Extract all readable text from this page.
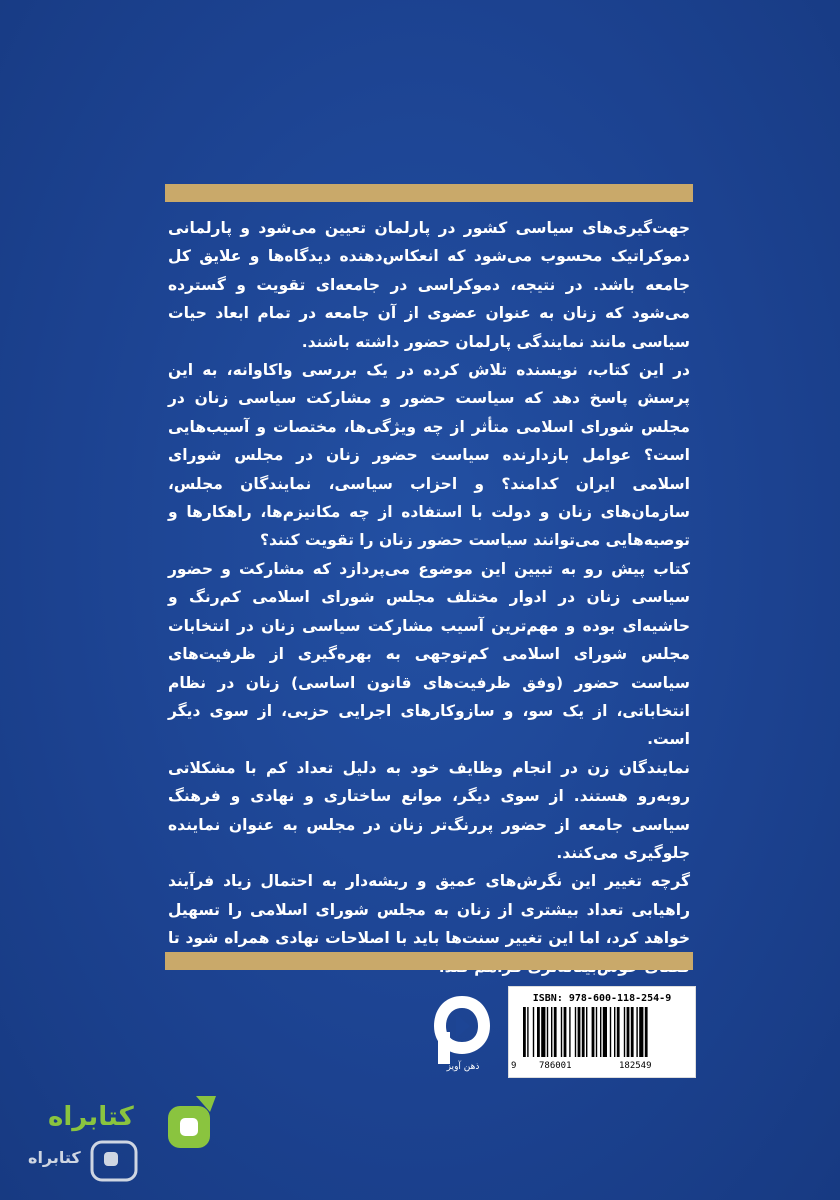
جهت‌گیری‌های سیاسی کشور در پارلمان تعیین می‌شود و پارلمانی دموکراتیک محسوب می‌شود که انعکاس‌دهنده دیدگاه‌ها و علایق کل جامعه باشد. در نتیجه، دموکراسی در جامعه‌ای تقویت و گسترده می‌شود که زنان به عنوان عضوی از آن جامعه در تمام ابعاد حیات سیاسی مانند نمایندگی پارلمان حضور داشته باشند.

در این کتاب، نویسنده تلاش کرده در یک بررسی واکاوانه، به این پرسش پاسخ دهد که سیاست حضور و مشارکت سیاسی زنان در مجلس شورای اسلامی متأثر از چه ویژگی‌ها، مختصات و آسیب‌هایی است؟ عوامل بازدارنده سیاست حضور زنان در مجلس شورای اسلامی ایران کدامند؟ و احزاب سیاسی، نمایندگان مجلس، سازمان‌های زنان و دولت با استفاده از چه مکانیزم‌ها، راهکارها و توصیه‌هایی می‌توانند سیاست حضور زنان را تقویت کنند؟

کتاب پیش رو به تبیین این موضوع می‌پردازد که مشارکت و حضور سیاسی زنان در ادوار مختلف مجلس شورای اسلامی کم‌رنگ و حاشیه‌ای بوده و مهم‌ترین آسیب مشارکت سیاسی زنان در انتخابات مجلس شورای اسلامی کم‌توجهی به بهره‌گیری از ظرفیت‌های سیاست حضور (وفق ظرفیت‌های قانون اساسی) زنان در نظام انتخاباتی، از یک سو، و سازوکارهای اجرایی حزبی، از سوی دیگر است.

نمایندگان زن در انجام وظایف خود به دلیل تعداد کم با مشکلاتی روبه‌رو هستند. از سوی دیگر، موانع ساختاری و نهادی و فرهنگ سیاسی جامعه از حضور پررنگ‌تر زنان در مجلس به عنوان نماینده جلوگیری می‌کنند.

گرچه تغییر این نگرش‌های عمیق و ریشه‌دار به احتمال زیاد فرآیند راهیابی تعداد بیشتری از زنان به مجلس شورای اسلامی را تسهیل خواهد کرد، اما این تغییر سنت‌ها باید با اصلاحات نهادی همراه شود تا

ذهن آویز
ISBN: 978-600-118-254-9
9	786001	182549
کتابراه
کتابراه
